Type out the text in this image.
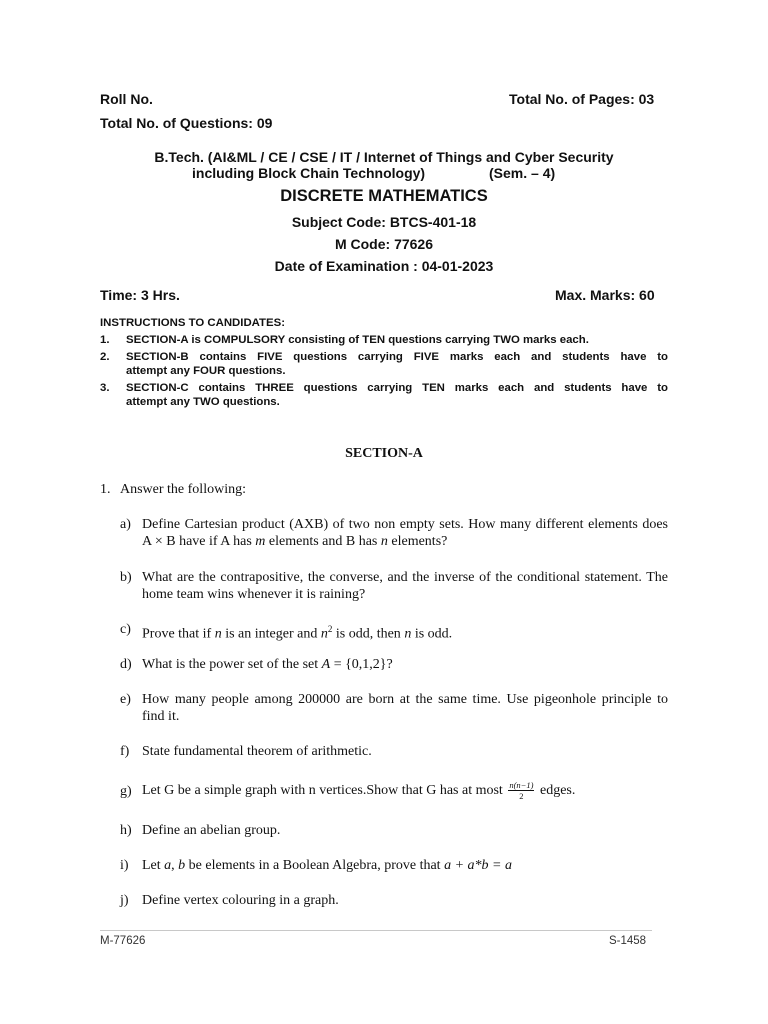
Roll No.	Total No. of Pages: 03
Total No. of Questions: 09
B.Tech. (AI&ML / CE / CSE / IT / Internet of Things and Cyber Security
including Block Chain Technology)	(Sem. – 4)
DISCRETE MATHEMATICS
Subject Code: BTCS-401-18
M Code: 77626
Date of Examination : 04-01-2023
Time: 3 Hrs.	Max. Marks: 60
INSTRUCTIONS TO CANDIDATES:
1. SECTION-A is COMPULSORY consisting of TEN questions carrying TWO marks each.
2. SECTION-B contains FIVE questions carrying FIVE marks each and students have to
attempt any FOUR questions.
3. SECTION-C contains THREE questions carrying TEN marks each and students have to
attempt any TWO questions.
SECTION-A
1. Answer the following:
a) Define Cartesian product (AXB) of two non empty sets. How many different elements does
A × B have if A has m elements and B has n elements?
b) What are the contrapositive, the converse, and the inverse of the conditional statement. The
home team wins whenever it is raining?
c) Prove that if n is an integer and $n^2$ is odd, then n is odd.
d) What is the power set of the set A = {0,1,2}?
e) How many people among 200000 are born at the same time. Use pigeonhole principle to
find it.
f) State fundamental theorem of arithmetic.
g) Let G be a simple graph with n vertices.Show that G has at most $\frac{n(n-1)}{2}$ edges.
h) Define an abelian group.
i) Let a, b be elements in a Boolean Algebra, prove that a + a*b = a
j) Define vertex colouring in a graph.
M-77626	S-1458
